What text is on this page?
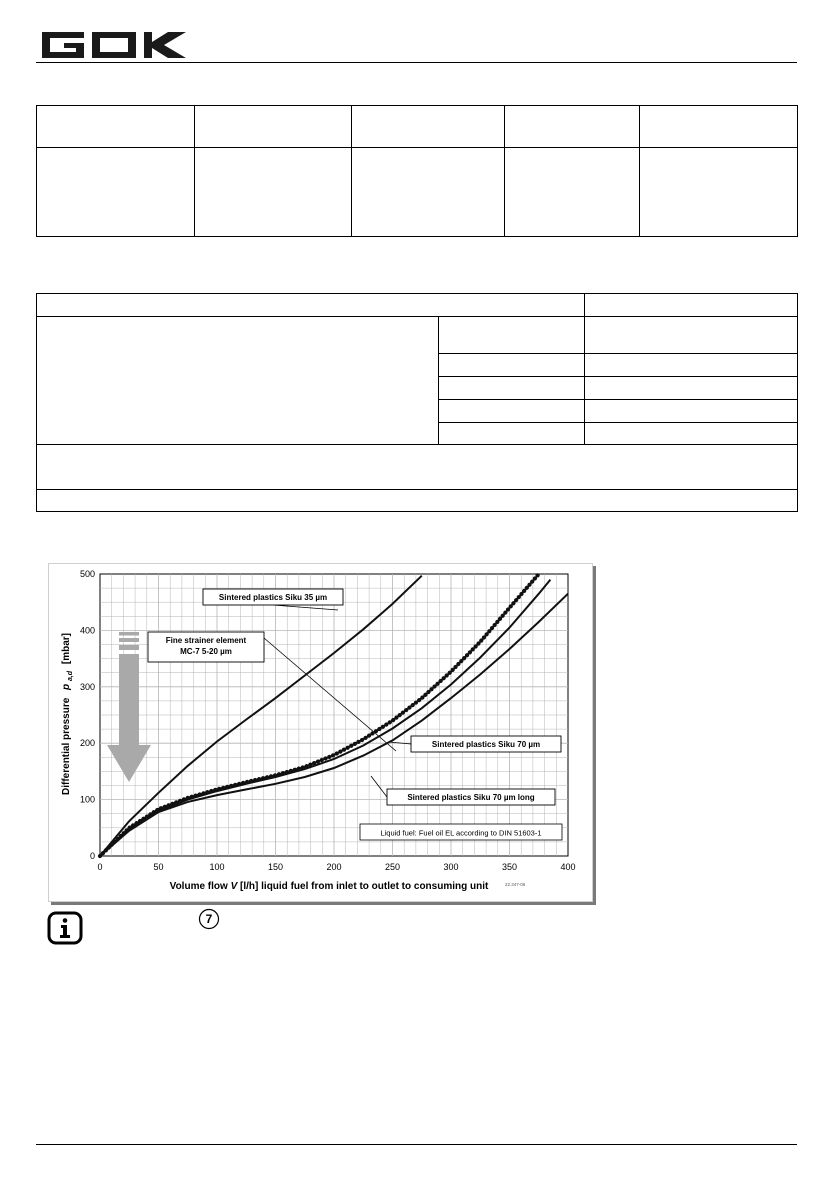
0	50	100	150	200	250	300	350	400
0
100
200
300
400
500
Sintered plastics Siku 35 µm
Fine strainer element
MC-7 5-20 µm
Sintered plastics Siku 70 µm
Sintered plastics Siku 70 µm long
Volume flow V [l/h] liquid fuel from inlet to outlet to consuming unit
Differential pressure p $_{a,d}$ [mbar]
Liquid fuel: Fuel oil EL according to DIN 51603-1
22.347-06
7
